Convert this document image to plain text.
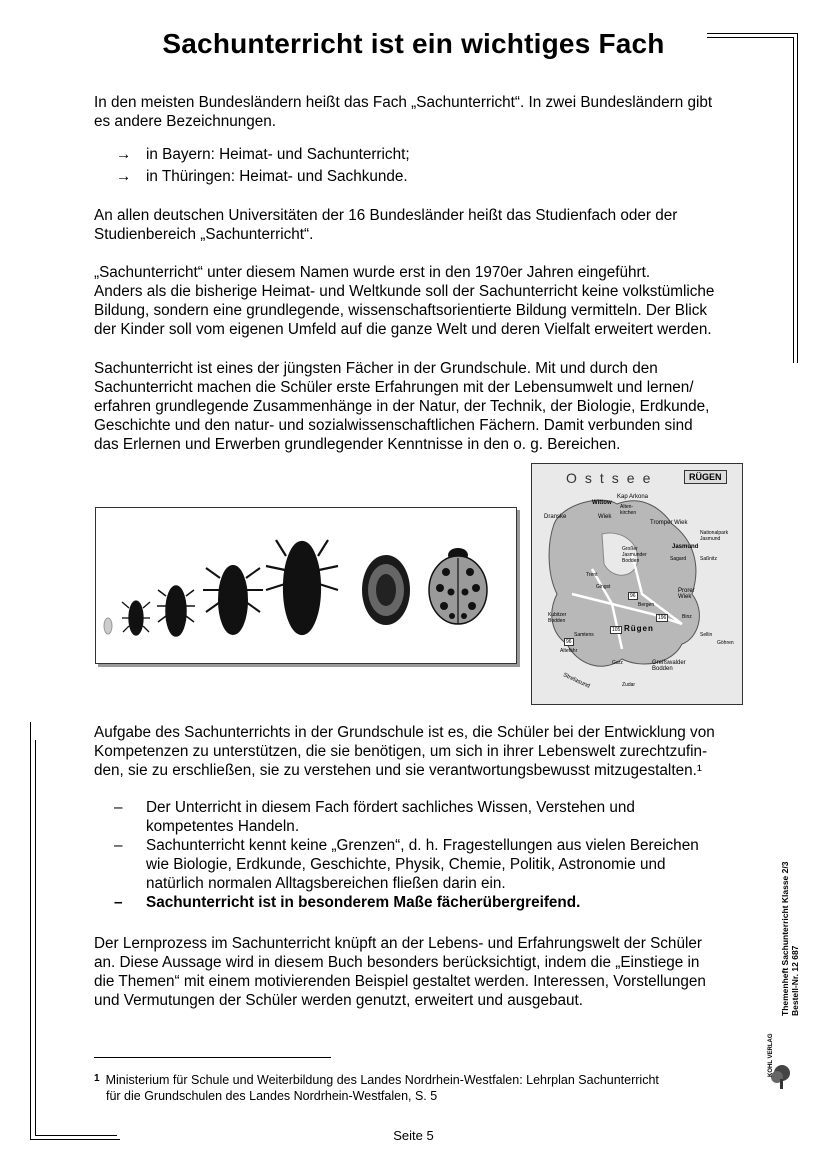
Sachunterricht ist ein wichtiges Fach

In den meisten Bundesländern heißt das Fach „Sachunterricht“. In zwei Bundesländern gibt

es andere Bezeichnungen.

→ in Bayern: Heimat- und Sachunterricht;
→ in Thüringen: Heimat- und Sachkunde.

An allen deutschen Universitäten der 16 Bundesländer heißt das Studienfach oder der

Studienbereich „Sachunterricht“.

„Sachunterricht“ unter diesem Namen wurde erst in den 1970er Jahren eingeführt.

Anders als die bisherige Heimat- und Weltkunde soll der Sachunterricht keine volkstümliche

Bildung, sondern eine grundlegende, wissenschaftsorientierte Bildung vermitteln. Der Blick

der Kinder soll vom eigenen Umfeld auf die ganze Welt und deren Vielfalt erweitert werden.

Sachunterricht ist eines der jüngsten Fächer in der Grundschule. Mit und durch den

Sachunterricht machen die Schüler erste Erfahrungen mit der Lebensumwelt und lernen/

erfahren grundlegende Zusammenhänge in der Natur, der Technik, der Biologie, Erdkunde,

Geschichte und den natur- und sozialwissenschaftlichen Fächern. Damit verbunden sind

das Erlernen und Erwerben grundlegender Kenntnisse in den o. g. Bereichen.

Ostsee	RÜGEN
Kap Arkona
Wittow
Alten-kirchen
Dranske	Wiek
Tromper Wiek
Nationalpark Jasmund
Jasmund
Sagard	Saßnitz
Großer Jasmunder Bodden
Prorer Wiek
Gingst
Trent
Bergen
Binz
Kubitzer Bodden
Samtens
Rügen
Sellin
Göhren
Altefähr
Garz
Zudar
Greifswalder Bodden
Strelasund
96
196
105
96

Aufgabe des Sachunterrichts in der Grundschule ist es, die Schüler bei der Entwicklung von

Kompetenzen zu unterstützen, die sie benötigen, um sich in ihrer Lebenswelt zurechtzufin-

den, sie zu erschließen, sie zu verstehen und sie verantwortungsbewusst mitzugestalten.¹

– Der Unterricht in diesem Fach fördert sachliches Wissen, Verstehen und
kompetentes Handeln.
– Sachunterricht kennt keine „Grenzen“, d. h. Fragestellungen aus vielen Bereichen
wie Biologie, Erdkunde, Geschichte, Physik, Chemie, Politik, Astronomie und
natürlich normalen Alltagsbereichen fließen darin ein.
– Sachunterricht ist in besonderem Maße fächerübergreifend.

Der Lernprozess im Sachunterricht knüpft an der Lebens- und Erfahrungswelt der Schüler

an. Diese Aussage wird in diesem Buch besonders berücksichtigt, indem die „Einstiege in

die Themen“ mit einem motivierenden Beispiel gestaltet werden. Interessen, Vorstellungen

und Vermutungen der Schüler werden genutzt, erweitert und ausgebaut.	Themenheft Sachunterricht Klasse 2/3 Bestell-Nr. 12 687
KOHL VERLAG
$^1$ Ministerium für Schule und Weiterbildung des Landes Nordrhein-Westfalen: Lehrplan Sachunterricht
für die Grundschulen des Landes Nordrhein-Westfalen, S. 5
Seite 5
